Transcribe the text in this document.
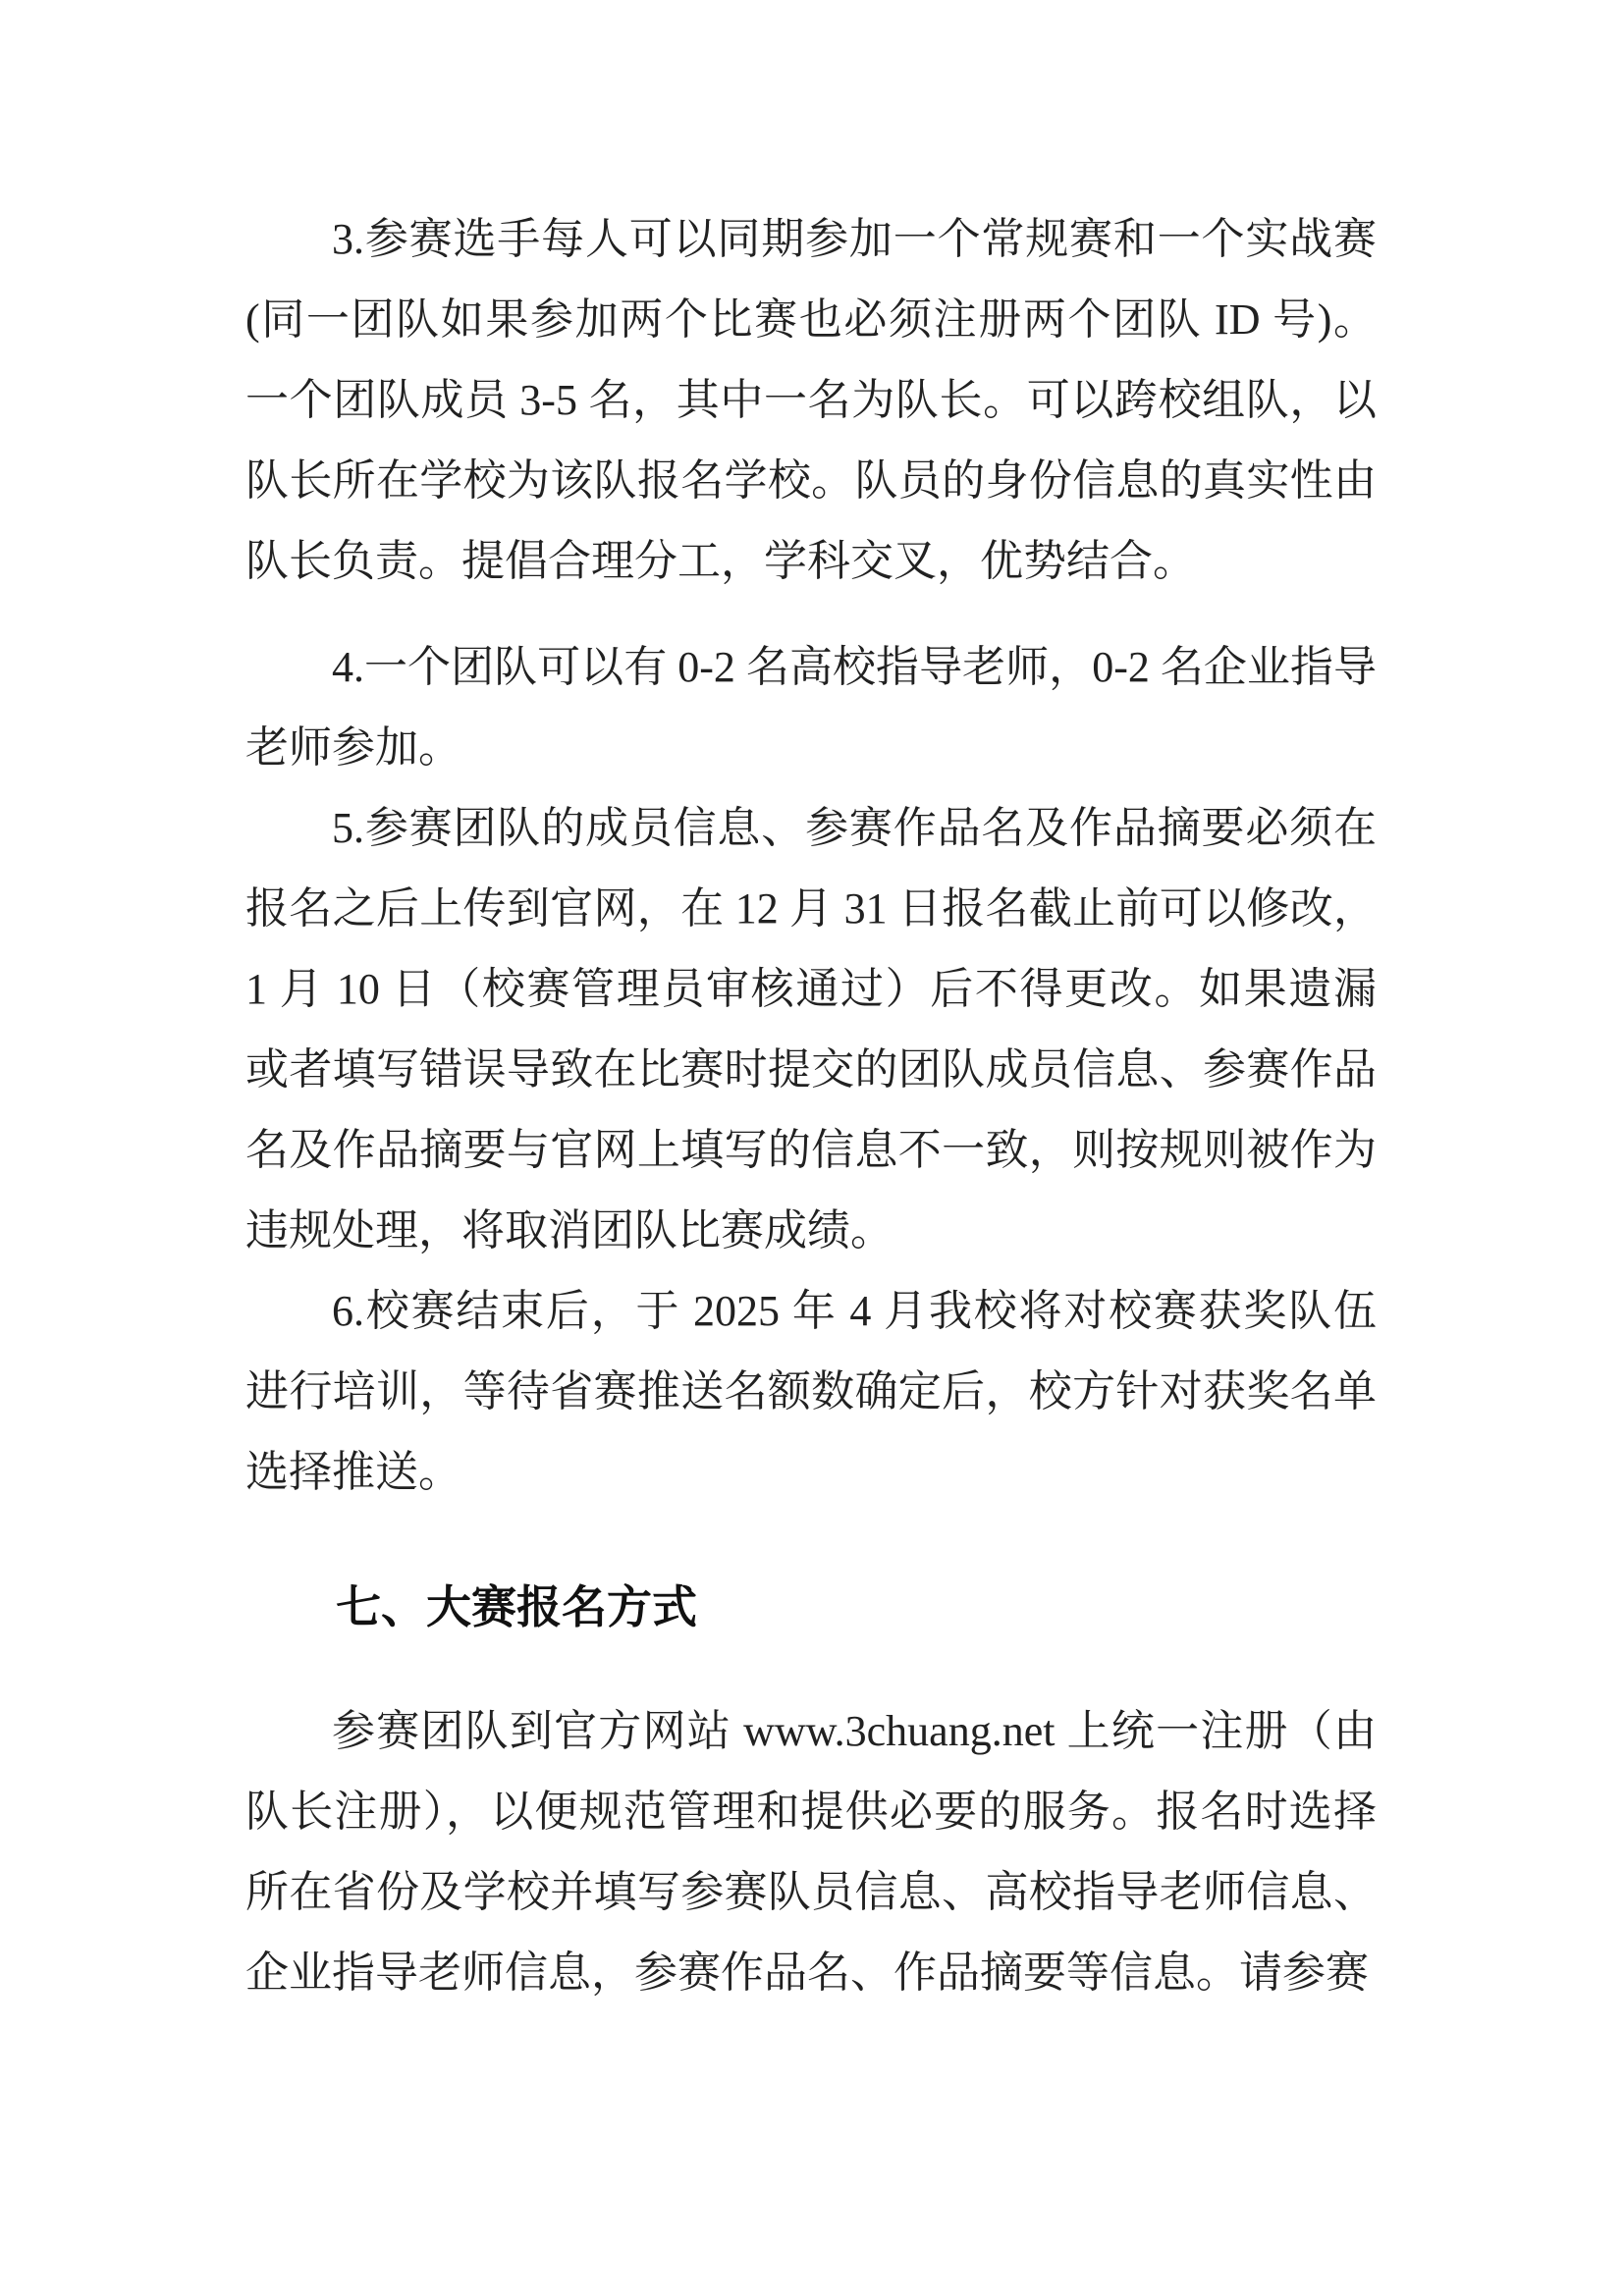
3.参赛选手每人可以同期参加一个常规赛和一个实战赛(同一团队如果参加两个比赛也必须注册两个团队 ID 号)。一个团队成员 3-5 名，其中一名为队长。可以跨校组队，以队长所在学校为该队报名学校。队员的身份信息的真实性由队长负责。提倡合理分工，学科交叉，优势结合。

4.一个团队可以有 0-2 名高校指导老师，0-2 名企业指导老师参加。

5.参赛团队的成员信息、参赛作品名及作品摘要必须在报名之后上传到官网，在 12 月 31 日报名截止前可以修改，1 月 10 日（校赛管理员审核通过）后不得更改。如果遗漏或者填写错误导致在比赛时提交的团队成员信息、参赛作品名及作品摘要与官网上填写的信息不一致，则按规则被作为违规处理，将取消团队比赛成绩。

6.校赛结束后，于 2025 年 4 月我校将对校赛获奖队伍进行培训，等待省赛推送名额数确定后，校方针对获奖名单选择推送。

七、大赛报名方式

参赛团队到官方网站 www.3chuang.net 上统一注册（由队长注册），以便规范管理和提供必要的服务。报名时选择所在省份及学校并填写参赛队员信息、高校指导老师信息、企业指导老师信息，参赛作品名、作品摘要等信息。请参赛
